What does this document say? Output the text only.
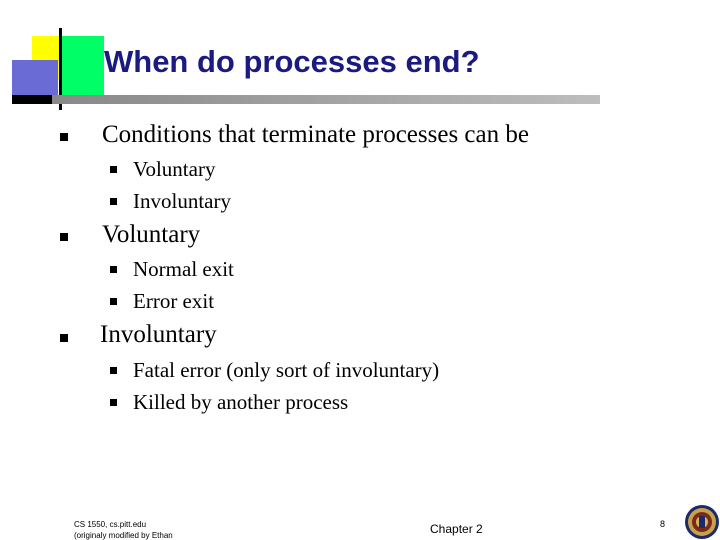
When do processes end?
Conditions that terminate processes can be
Voluntary
Involuntary
Voluntary
Normal exit
Error exit
Involuntary
Fatal error (only sort of involuntary)
Killed by another process
CS 1550, cs.pitt.edu
(originaly modified by Ethan	Chapter 2	8
